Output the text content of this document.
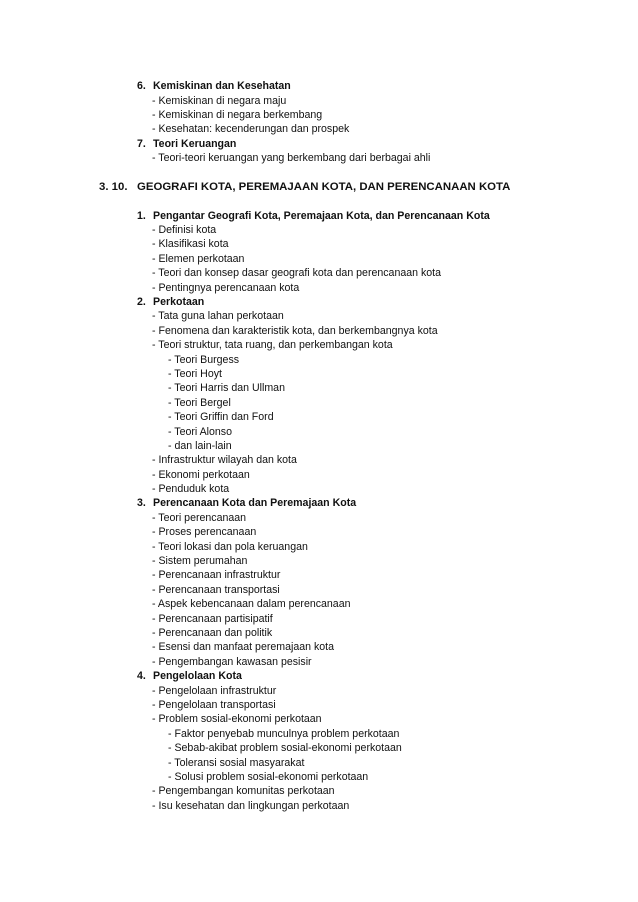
6. Kemiskinan dan Kesehatan
- Kemiskinan di negara maju
- Kemiskinan di negara berkembang
- Kesehatan: kecenderungan dan prospek
7. Teori Keruangan
- Teori-teori keruangan yang berkembang dari berbagai ahli
3. 10. GEOGRAFI KOTA, PEREMAJAAN KOTA, DAN PERENCANAAN KOTA
1. Pengantar Geografi Kota, Peremajaan Kota, dan Perencanaan Kota
- Definisi kota
- Klasifikasi kota
- Elemen perkotaan
- Teori dan konsep dasar geografi kota dan perencanaan kota
- Pentingnya perencanaan kota
2. Perkotaan
- Tata guna lahan perkotaan
- Fenomena dan karakteristik kota, dan berkembangnya kota
- Teori struktur, tata ruang, dan perkembangan kota
- Teori Burgess
- Teori Hoyt
- Teori Harris dan Ullman
- Teori Bergel
- Teori Griffin dan Ford
- Teori Alonso
- dan lain-lain
- Infrastruktur wilayah dan kota
- Ekonomi perkotaan
- Penduduk kota
3. Perencanaan Kota dan Peremajaan Kota
- Teori perencanaan
- Proses perencanaan
- Teori lokasi dan pola keruangan
- Sistem perumahan
- Perencanaan infrastruktur
- Perencanaan transportasi
- Aspek kebencanaan dalam perencanaan
- Perencanaan partisipatif
- Perencanaan dan politik
- Esensi dan manfaat peremajaan kota
- Pengembangan kawasan pesisir
4. Pengelolaan Kota
- Pengelolaan infrastruktur
- Pengelolaan transportasi
- Problem sosial-ekonomi perkotaan
- Faktor penyebab munculnya problem perkotaan
- Sebab-akibat problem sosial-ekonomi perkotaan
- Toleransi sosial masyarakat
- Solusi problem sosial-ekonomi perkotaan
- Pengembangan komunitas perkotaan
- Isu kesehatan dan lingkungan perkotaan
